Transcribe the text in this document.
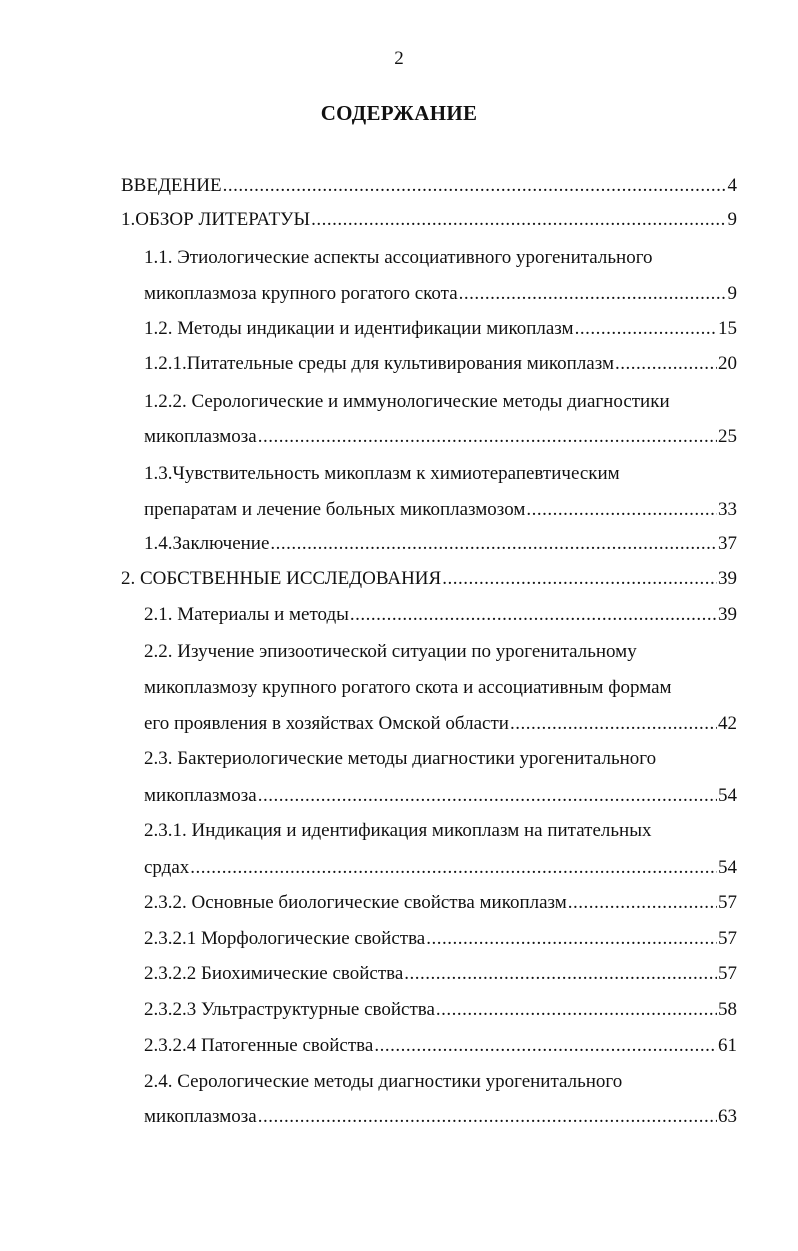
2
СОДЕРЖАНИЕ
ВВЕДЕНИЕ .....	4
1.ОБЗОР ЛИТЕРАТУЫ .....	9
1.1. Этиологические аспекты ассоциативного урогенитального
микоплазмоза крупного рогатого скота .....	9
1.2. Методы индикации и идентификации микоплазм .....	15
1.2.1.Питательные среды для культивирования микоплазм .....	20
1.2.2. Серологические и иммунологические методы диагностики
микоплазмоза .....	25
1.3.Чувствительность микоплазм к химиотерапевтическим
препаратам и лечение больных микоплазмозом .....	33
1.4.Заключение .....	37
2. СОБСТВЕННЫЕ ИССЛЕДОВАНИЯ .....	39
2.1. Материалы и методы .....	39
2.2. Изучение эпизоотической ситуации по урогенитальному
микоплазмозу крупного рогатого скота и ассоциативным формам
его проявления в хозяйствах Омской области .....	42
2.3. Бактериологические методы диагностики урогенитального
микоплазмоза .....	54
2.3.1. Индикация и идентификация микоплазм на питательных
срдах .....	54
2.3.2. Основные биологические свойства микоплазм .....	57
2.3.2.1 Морфологические свойства .....	57
2.3.2.2 Биохимические свойства .....	57
2.3.2.3 Ультраструктурные свойства .....	58
2.3.2.4 Патогенные свойства .....	61
2.4. Серологические методы диагностики урогенитального
микоплазмоза .....	63
